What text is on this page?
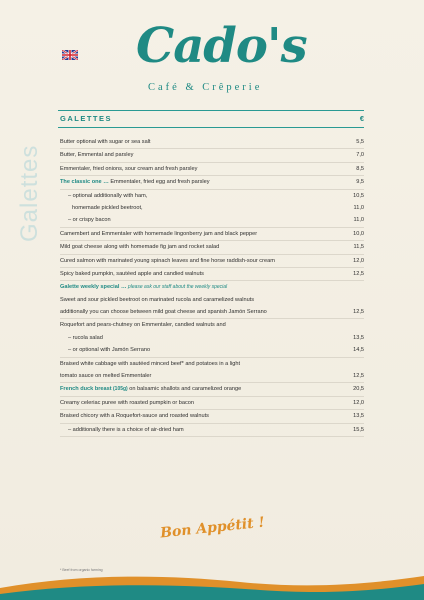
Cado's
Café & Crêperie
Galettes
GALETTES	€
Butter optional with sugar or sea salt	5,5
Butter, Emmental and parsley	7,0
Emmentaler, fried onions, sour cream and fresh parsley	8,5
The classic one … Emmentaler, fried egg and fresh parsley	9,5
– optional additionally with ham,	10,5
homemade pickled beetroot,	11,0
– or crispy bacon	11,0
Camembert and Emmentaler with homemade lingonberry jam and black pepper	10,0
Mild goat cheese along with homemade fig jam and rocket salad	11,5
Cured salmon with marinated young spinach leaves and fine horse raddish-sour cream	12,0
Spicy baked pumpkin, sautéed apple and candied walnuts	12,5
Galette weekly special … please ask our staff about the weekly special
Sweet and sour pickled beetroot on marinated rucola and caramelized walnuts
additionally you can choose between mild goat cheese and spanish Jamón Serrano	12,5
Roquefort and pears-chutney on Emmentaler, candied walnuts and
– rucola salad	13,5
– or optional with Jamón Serrano	14,5
Braised white cabbage with sautéed minced beef* and potatoes in a light
tomato sauce on melted Emmentaler	12,5
French duck breast (105g) on balsamic shallots and caramelized orange	20,5
Creamy celeriac puree with roasted pumpkin or bacon	12,0
Braised chicory with a Roquefort-sauce and roasted walnuts	13,5
– additionally there is a choice of air-dried ham	15,5
Bon Appétit !
* Beef from organic farming
